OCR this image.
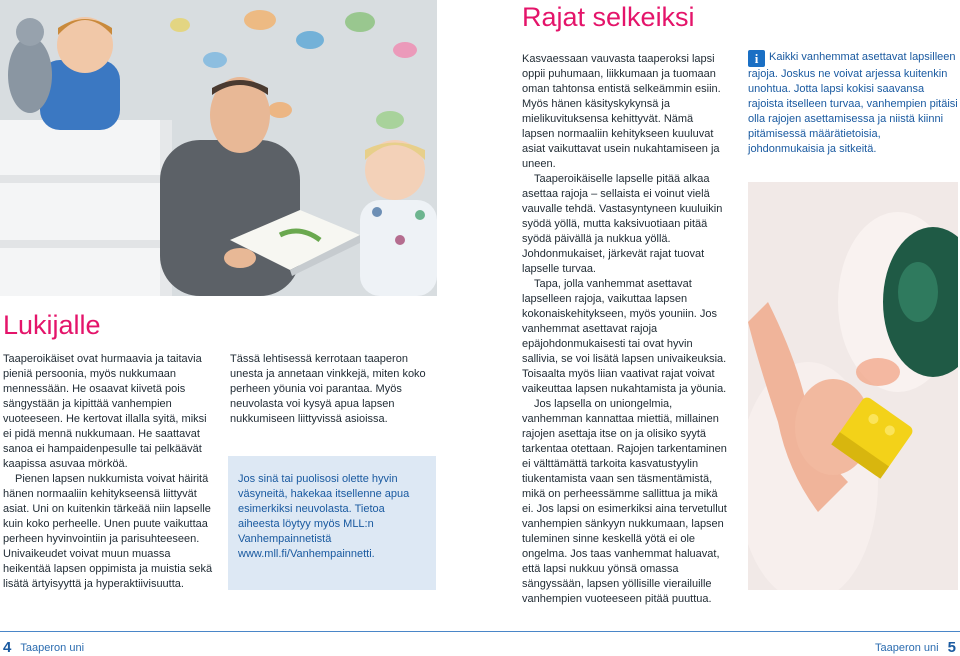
Rajat selkeiksi
Lukijalle

Taaperoikäiset ovat hurmaavia ja taitavia pieniä persoonia, myös nukkumaan mennessään. He osaavat kiivetä pois sängystään ja kipittää vanhempien vuoteeseen. He kertovat illalla syitä, miksi ei pidä mennä nukkumaan. He saattavat sanoa ei hampaidenpesulle tai pelkäävät kaapissa asuvaa mörköä.

Pienen lapsen nukkumista voivat häiritä hänen normaaliin kehitykseensä liittyvät asiat. Uni on kuitenkin tärkeää niin lapselle kuin koko perheelle. Unen puute vaikuttaa perheen hyvinvointiin ja parisuhteeseen. Univaikeudet voivat muun muassa heikentää lapsen oppimista ja muistia sekä lisätä ärtyisyyttä ja hyperaktiivisuutta.

Tässä lehtisessä kerrotaan taaperon unesta ja annetaan vinkkejä, miten koko perheen yöunia voi parantaa. Myös neuvolasta voi kysyä apua lapsen nukkumiseen liittyvissä asioissa.

Jos sinä tai puolisosi olette hyvin väsyneitä, hakekaa itsellenne apua esimerkiksi neuvolasta. Tietoa aiheesta löytyy myös MLL:n Vanhempainnetistä www.mll.fi/Vanhempainnetti.

Kasvaessaan vauvasta taaperoksi lapsi oppii puhumaan, liikkumaan ja tuomaan oman tahtonsa entistä selkeämmin esiin. Myös hänen käsityskykynsä ja mielikuvituksensa kehittyvät. Nämä lapsen normaaliin kehitykseen kuuluvat asiat vaikuttavat usein nukahtamiseen ja uneen.

Taaperoikäiselle lapselle pitää alkaa asettaa rajoja – sellaista ei voinut vielä vauvalle tehdä. Vastasyntyneen kuuluikin syödä yöllä, mutta kaksivuotiaan pitää syödä päivällä ja nukkua yöllä. Johdonmukaiset, järkevät rajat tuovat lapselle turvaa.

Tapa, jolla vanhemmat asettavat lapselleen rajoja, vaikuttaa lapsen kokonaiskehitykseen, myös youniin. Jos vanhemmat asettavat rajoja epäjohdonmukaisesti tai ovat hyvin sallivia, se voi lisätä lapsen univaikeuksia. Toisaalta myös liian vaativat rajat voivat vaikeuttaa lapsen nukahtamista ja yöunia.

Jos lapsella on uniongelmia, vanhemman kannattaa miettiä, millainen rajojen asettaja itse on ja olisiko syytä tarkentaa otettaan. Rajojen tarkentaminen ei välttämättä tarkoita kasvatustyylin tiukentamista vaan sen täsmentämistä, mikä on perheessämme sallittua ja mikä ei. Jos lapsi on esimerkiksi aina tervetullut vanhempien sänkyyn nukkumaan, lapsen tuleminen sinne keskellä yötä ei ole ongelma. Jos taas vanhemmat haluavat, että lapsi nukkuu yönsä omassa sängyssään, lapsen yöllisille vierailuille vanhempien vuoteeseen pitää puuttua.

i Kaikki vanhemmat asettavat lapsilleen rajoja. Joskus ne voivat arjessa kuitenkin unohtua. Jotta lapsi kokisi saavansa rajoista itselleen turvaa, vanhempien pitäisi olla rajojen asettamisessa ja niistä kiinni pitämisessä määrätietoisia, johdonmukaisia ja sitkeitä.
4 Taaperon uni	Taaperon uni 5
